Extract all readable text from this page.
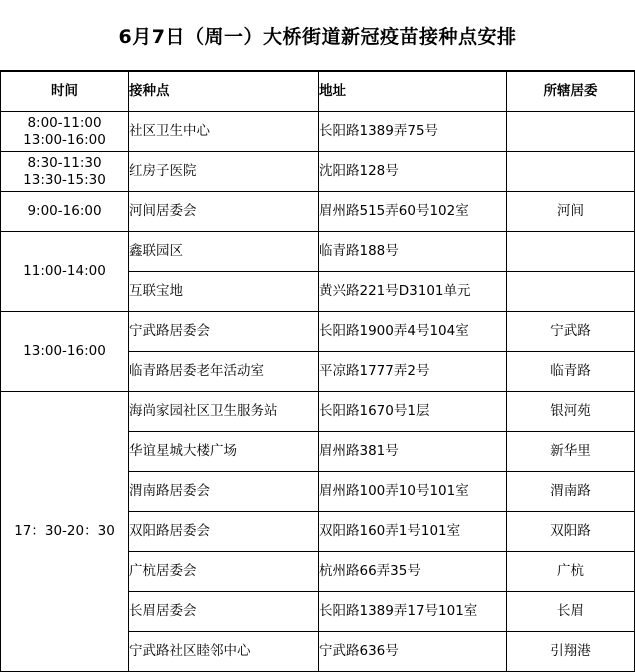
6月7日（周一）大桥街道新冠疫苗接种点安排
时间	接种点	地址	所辖居委

8:00-11:00
13:00-16:00	社区卫生中心	长阳路1389弄75号	

8:30-11:30
13:30-15:30	红房子医院	沈阳路128号	
9:00-16:00	河间居委会	眉州路515弄60号102室	河间
11:00-14:00	鑫联园区	临青路188号	
	互联宝地	黄兴路221号D3101单元	
13:00-16:00	宁武路居委会	长阳路1900弄4号104室	宁武路
	临青路居委老年活动室	平凉路1777弄2号	临青路
17：30-20：30	海尚家园社区卫生服务站	长阳路1670号1层	银河苑
	华谊星城大楼广场	眉州路381号	新华里
	渭南路居委会	眉州路100弄10号101室	渭南路
	双阳路居委会	双阳路160弄1号101室	双阳路
	广杭居委会	杭州路66弄35号	广杭
	长眉居委会	长阳路1389弄17号101室	长眉
	宁武路社区睦邻中心	宁武路636号	引翔港
